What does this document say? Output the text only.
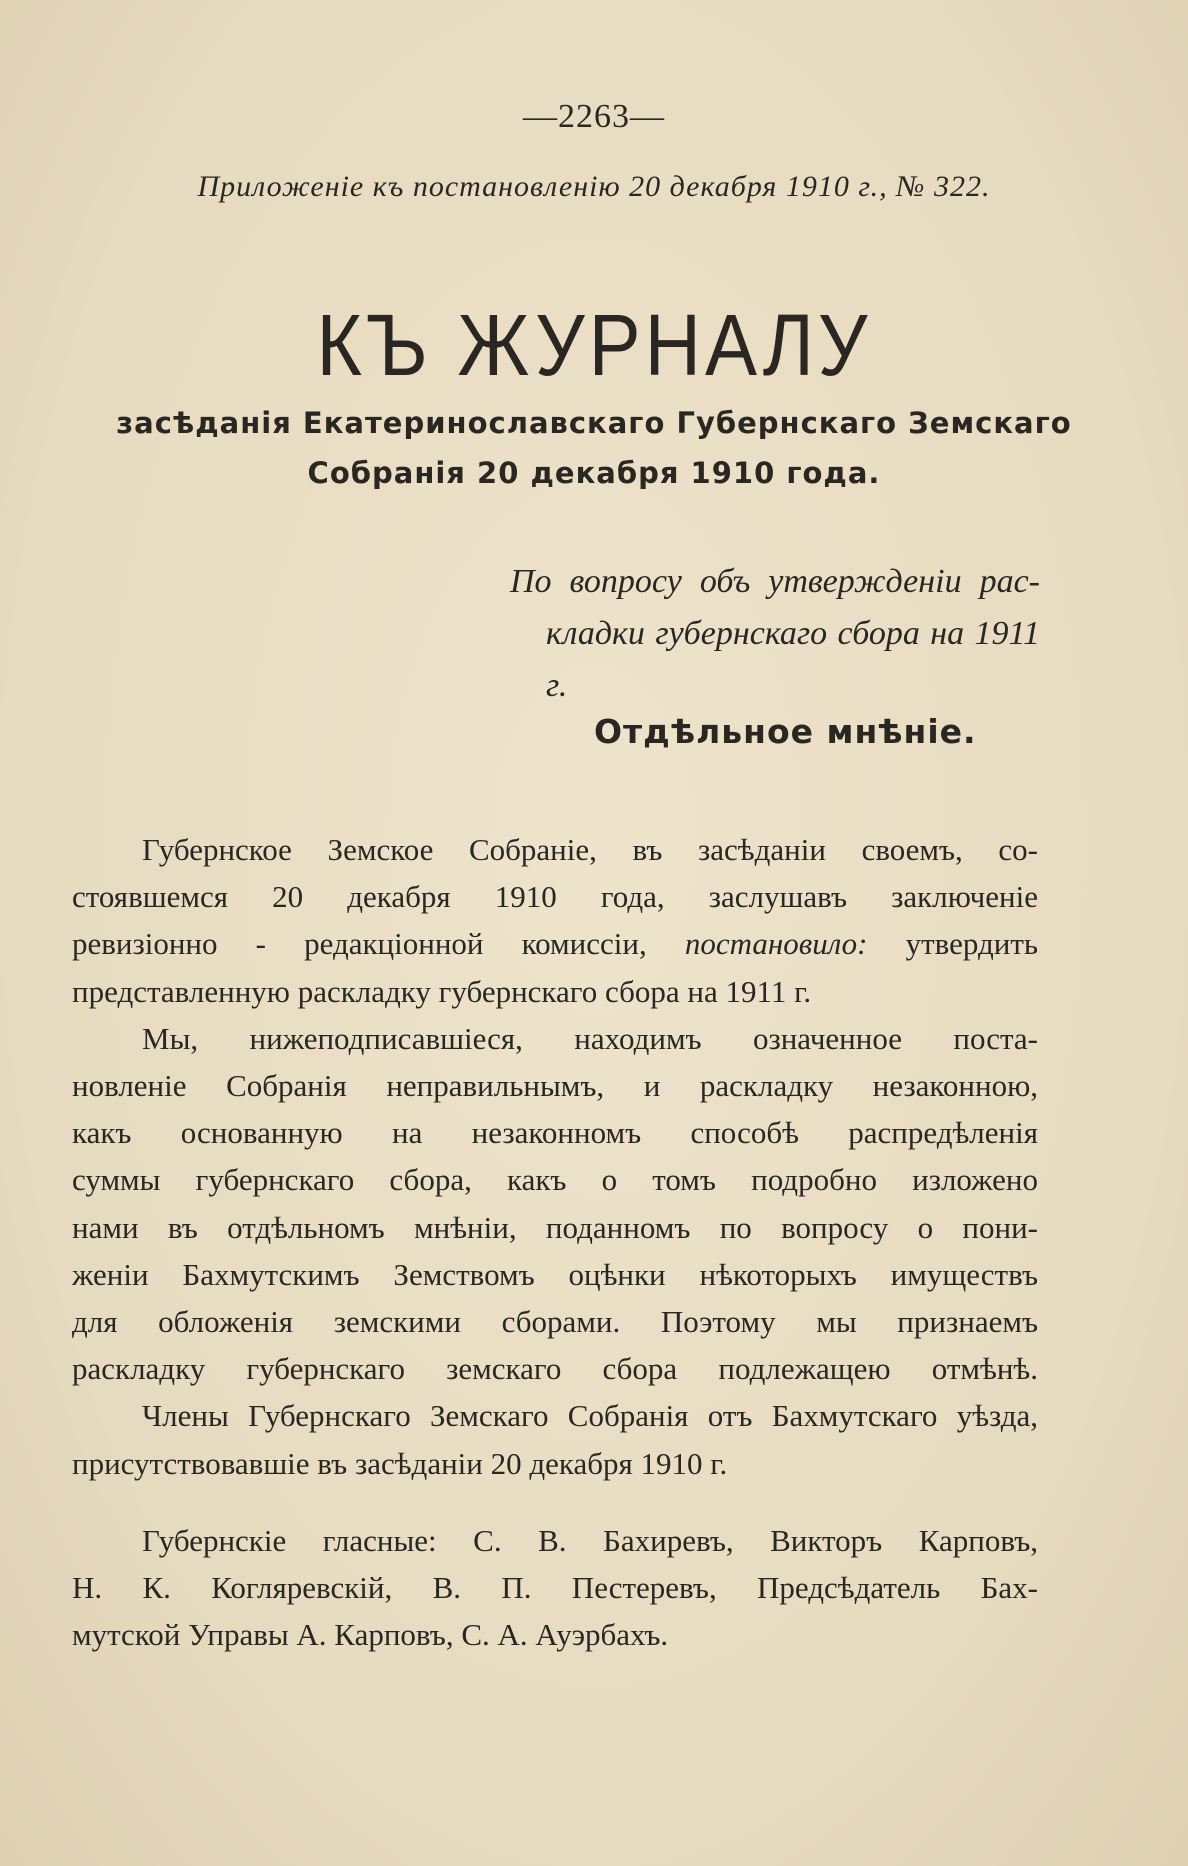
—2263—
Приложеніе къ постановленію 20 декабря 1910 г., № 322.
КЪ ЖУРНАЛУ
засѣданія Екатеринославскаго Губернскаго Земскаго
Собранія 20 декабря 1910 года.
По вопросу объ утвержденіи рас-
кладки губернскаго сбора на 1911 г.
Отдѣльное мнѣніе.
Губернское Земское Собраніе, въ засѣданіи своемъ, со-
стоявшемся 20 декабря 1910 года, заслушавъ заключеніе
ревизіонно - редакціонной комиссіи, постановило: утвердить
представленную раскладку губернскаго сбора на 1911 г.
Мы, нижеподписавшіеся, находимъ означенное поста-
новленіе Собранія неправильнымъ, и раскладку незаконною,
какъ основанную на незаконномъ способѣ распредѣленія
суммы губернскаго сбора, какъ о томъ подробно изложено
нами въ отдѣльномъ мнѣніи, поданномъ по вопросу о пони-
женіи Бахмутскимъ Земствомъ оцѣнки нѣкоторыхъ имуществъ
для обложенія земскими сборами. Поэтому мы признаемъ
раскладку губернскаго земскаго сбора подлежащею отмѣнѣ.
Члены Губернскаго Земскаго Собранія отъ Бахмутскаго уѣзда,
присутствовавшіе въ засѣданіи 20 декабря 1910 г.
Губернскіе гласные: С. В. Бахиревъ, Викторъ Карповъ,
Н. К. Когляревскій, В. П. Пестеревъ, Предсѣдатель Бах-
мутской Управы А. Карповъ, С. А. Ауэрбахъ.
